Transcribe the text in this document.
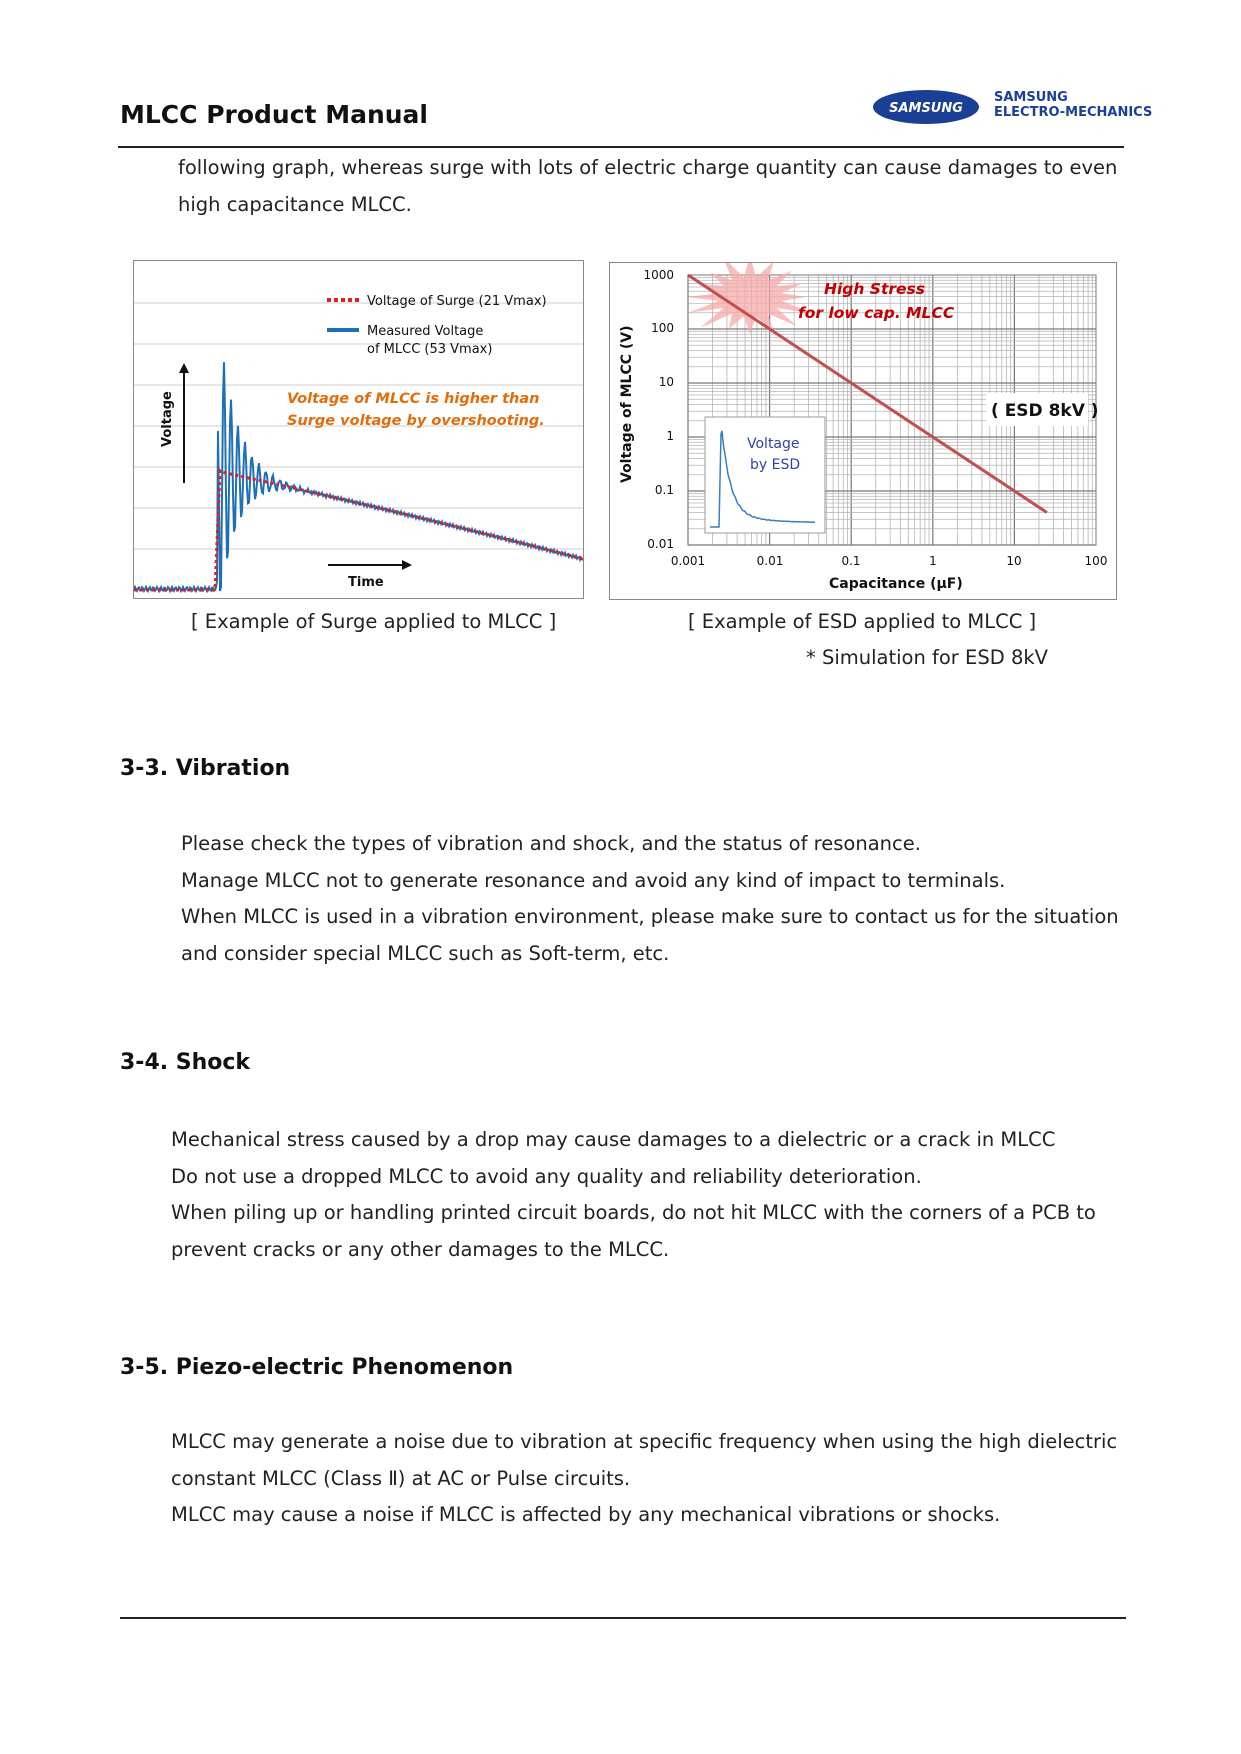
MLCC Product Manual	SAMSUNG
SAMSUNG
ELECTRO-MECHANICS
following graph, whereas surge with lots of electric charge quantity can cause damages to even
high capacitance MLCC.
Voltage of Surge (21 Vmax)
Measured Voltage
of MLCC (53 Vmax)
Voltage of MLCC is higher than
Surge voltage by overshooting.
Voltage
Time
[ Example of Surge applied to MLCC ]
High Stress
for low cap. MLCC
( ESD 8kV )
Voltage
by ESD
1000
100
10
1
0.1
0.01
0.001	0.01	0.1	1	10	100
Voltage of MLCC (V)
Capacitance (μF)
[ Example of ESD applied to MLCC ]
* Simulation for ESD 8kV
3-3. Vibration
Please check the types of vibration and shock, and the status of resonance.
Manage MLCC not to generate resonance and avoid any kind of impact to terminals.
When MLCC is used in a vibration environment, please make sure to contact us for the situation
and consider special MLCC such as Soft-term, etc.
3-4. Shock
Mechanical stress caused by a drop may cause damages to a dielectric or a crack in MLCC
Do not use a dropped MLCC to avoid any quality and reliability deterioration.
When piling up or handling printed circuit boards, do not hit MLCC with the corners of a PCB to
prevent cracks or any other damages to the MLCC.
3-5. Piezo-electric Phenomenon
MLCC may generate a noise due to vibration at specific frequency when using the high dielectric
constant MLCC (Class Ⅱ) at AC or Pulse circuits.
MLCC may cause a noise if MLCC is affected by any mechanical vibrations or shocks.
